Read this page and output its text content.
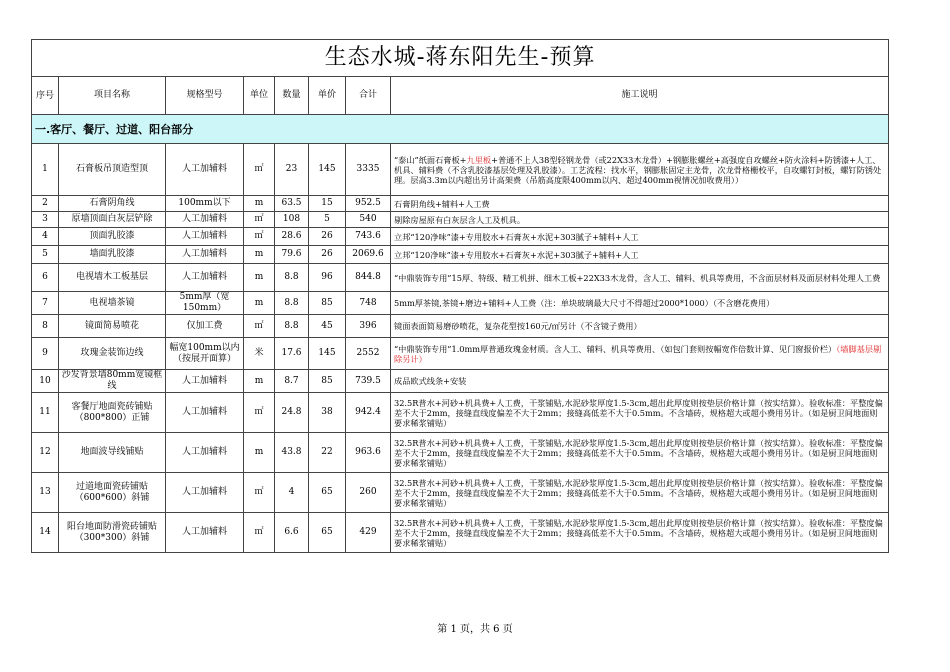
生态水城-蒋东阳先生-预算							
序号	项目名称	规格型号	单位	数量	单价	合计	施工说明
一.客厅、餐厅、过道、阳台部分							
1	石膏板吊顶造型顶	人工加辅料	㎡	23	145	3335	“泰山”纸面石膏板+九里板+普通不上人38型轻钢龙骨（或22X33木龙骨）+钢膨胀螺丝+高强度自攻螺丝+防火涂料+防锈漆+人工、机具、辅料费（不含乳胶漆基层处理及乳胶漆）。工艺流程：找水平，钢膨胀固定主龙骨，次龙骨格栅校平，自攻螺钉封板，螺钉防锈处理。层高3.3m以内超出另计高架费（吊筋高度限400mm以内、超过400mm视情况加收费用））
2	石膏阴角线	100mm以下	m	63.5	15	952.5	石膏阴角线+辅料+人工费
3	原墙顶面白灰层铲除	人工加辅料	㎡	108	5	540	剔除房屋原有白灰层含人工及机具。
4	顶面乳胶漆	人工加辅料	㎡	28.6	26	743.6	立邦“120净味”漆+专用胶水+石膏灰+水泥+303腻子+辅料+人工
5	墙面乳胶漆	人工加辅料	m	79.6	26	2069.6	立邦“120净味”漆+专用胶水+石膏灰+水泥+303腻子+辅料+人工
6	电视墙木工板基层	人工加辅料	m	8.8	96	844.8	“中鼎装饰专用”15厚、特级、精工机拼、细木工板+22X33木龙骨，含人工、辅料、机具等费用，不含面层材料及面层材料处理人工费
7	电视墙茶镜	5mm厚（宽150mm）	m	8.8	85	748	5mm厚茶镜,茶镜+磨边+辅料+人工费（注：单块玻璃最大尺寸不得超过2000*1000）（不含磨花费用）
8	镜面简易喷花	仅加工费	㎡	8.8	45	396	镜面表面简易磨砂喷花，复杂花型按160元/㎡另计（不含镜子费用）
9	玫瑰金装饰边线	幅宽100mm以内（按展开面算）	米	17.6	145	2552	“中鼎装饰专用”1.0mm厚普通玫瑰金材质。含人工、辅料、机具等费用、（如包门套则按幅宽作倍数计算、见门窗报价栏）（墙脚基层剔除另计）
10	沙发背景墙80mm宽镜框线	人工加辅料	m	8.7	85	739.5	成品欧式线条+安装
11	客餐厅地面瓷砖铺贴（800*800）正铺	人工加辅料	㎡	24.8	38	942.4	32.5R普水+河砂+机具费+人工费，干浆铺贴,水泥砂浆厚度1.5-3cm,超出此厚度则按垫层价格计算（按实结算）。验收标准：平整度偏差不大于2mm，接缝直线度偏差不大于2mm；接缝高低差不大于0.5mm。不含墙砖，规格超大或超小费用另计。（如是厨卫间地面则要求稀浆铺贴）
12	地面波导线铺贴	人工加辅料	m	43.8	22	963.6	32.5R普水+河砂+机具费+人工费，干浆铺贴,水泥砂浆厚度1.5-3cm,超出此厚度则按垫层价格计算（按实结算）。验收标准：平整度偏差不大于2mm，接缝直线度偏差不大于2mm；接缝高低差不大于0.5mm。不含墙砖，规格超大或超小费用另计。（如是厨卫间地面则要求稀浆铺贴）
13	过道地面瓷砖铺贴（600*600）斜铺	人工加辅料	㎡	4	65	260	32.5R普水+河砂+机具费+人工费，干浆铺贴,水泥砂浆厚度1.5-3cm,超出此厚度则按垫层价格计算（按实结算）。验收标准：平整度偏差不大于2mm，接缝直线度偏差不大于2mm；接缝高低差不大于0.5mm。不含墙砖，规格超大或超小费用另计。（如是厨卫间地面则要求稀浆铺贴）
14	阳台地面防滑瓷砖铺贴（300*300）斜铺	人工加辅料	㎡	6.6	65	429	32.5R普水+河砂+机具费+人工费，干浆铺贴,水泥砂浆厚度1.5-3cm,超出此厚度则按垫层价格计算（按实结算）。验收标准：平整度偏差不大于2mm，接缝直线度偏差不大于2mm；接缝高低差不大于0.5mm。不含墙砖，规格超大或超小费用另计。（如是厨卫间地面则要求稀浆铺贴）
第 1 页，共 6 页
